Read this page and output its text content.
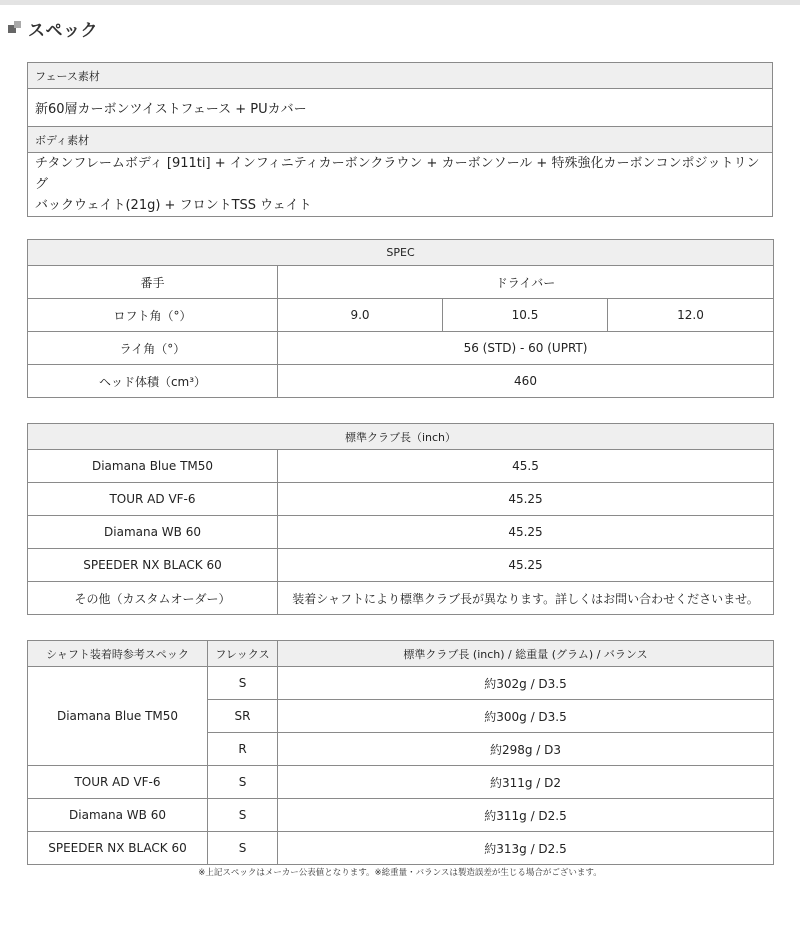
スペック
フェース素材
新60層カーボンツイストフェース + PUカバー
ボディ素材

チタンフレームボディ [911ti] + インフィニティカーボンクラウン + カーボンソール + 特殊強化カーボンコンポジットリング
バックウェイト(21g) + フロントTSS ウェイト
SPEC			
番手	ドライバー		
ロフト角（°）	9.0	10.5	12.0
ライ角（°）	56 (STD) - 60 (UPRT)		
ヘッド体積（cm³）	460		
標準クラブ長（inch）	
Diamana Blue TM50	45.5
TOUR AD VF-6	45.25
Diamana WB 60	45.25
SPEEDER NX BLACK 60	45.25
その他（カスタムオーダー）	装着シャフトにより標準クラブ長が異なります。詳しくはお問い合わせくださいませ。
シャフト装着時参考スペック	フレックス	標準クラブ長 (inch) / 総重量 (グラム) / バランス
Diamana Blue TM50	S	約302g / D3.5
	SR	約300g / D3.5
	R	約298g / D3
TOUR AD VF-6	S	約311g / D2
Diamana WB 60	S	約311g / D2.5
SPEEDER NX BLACK 60	S	約313g / D2.5
※上記スペックはメーカー公表値となります。※総重量・バランスは製造誤差が生じる場合がございます。
